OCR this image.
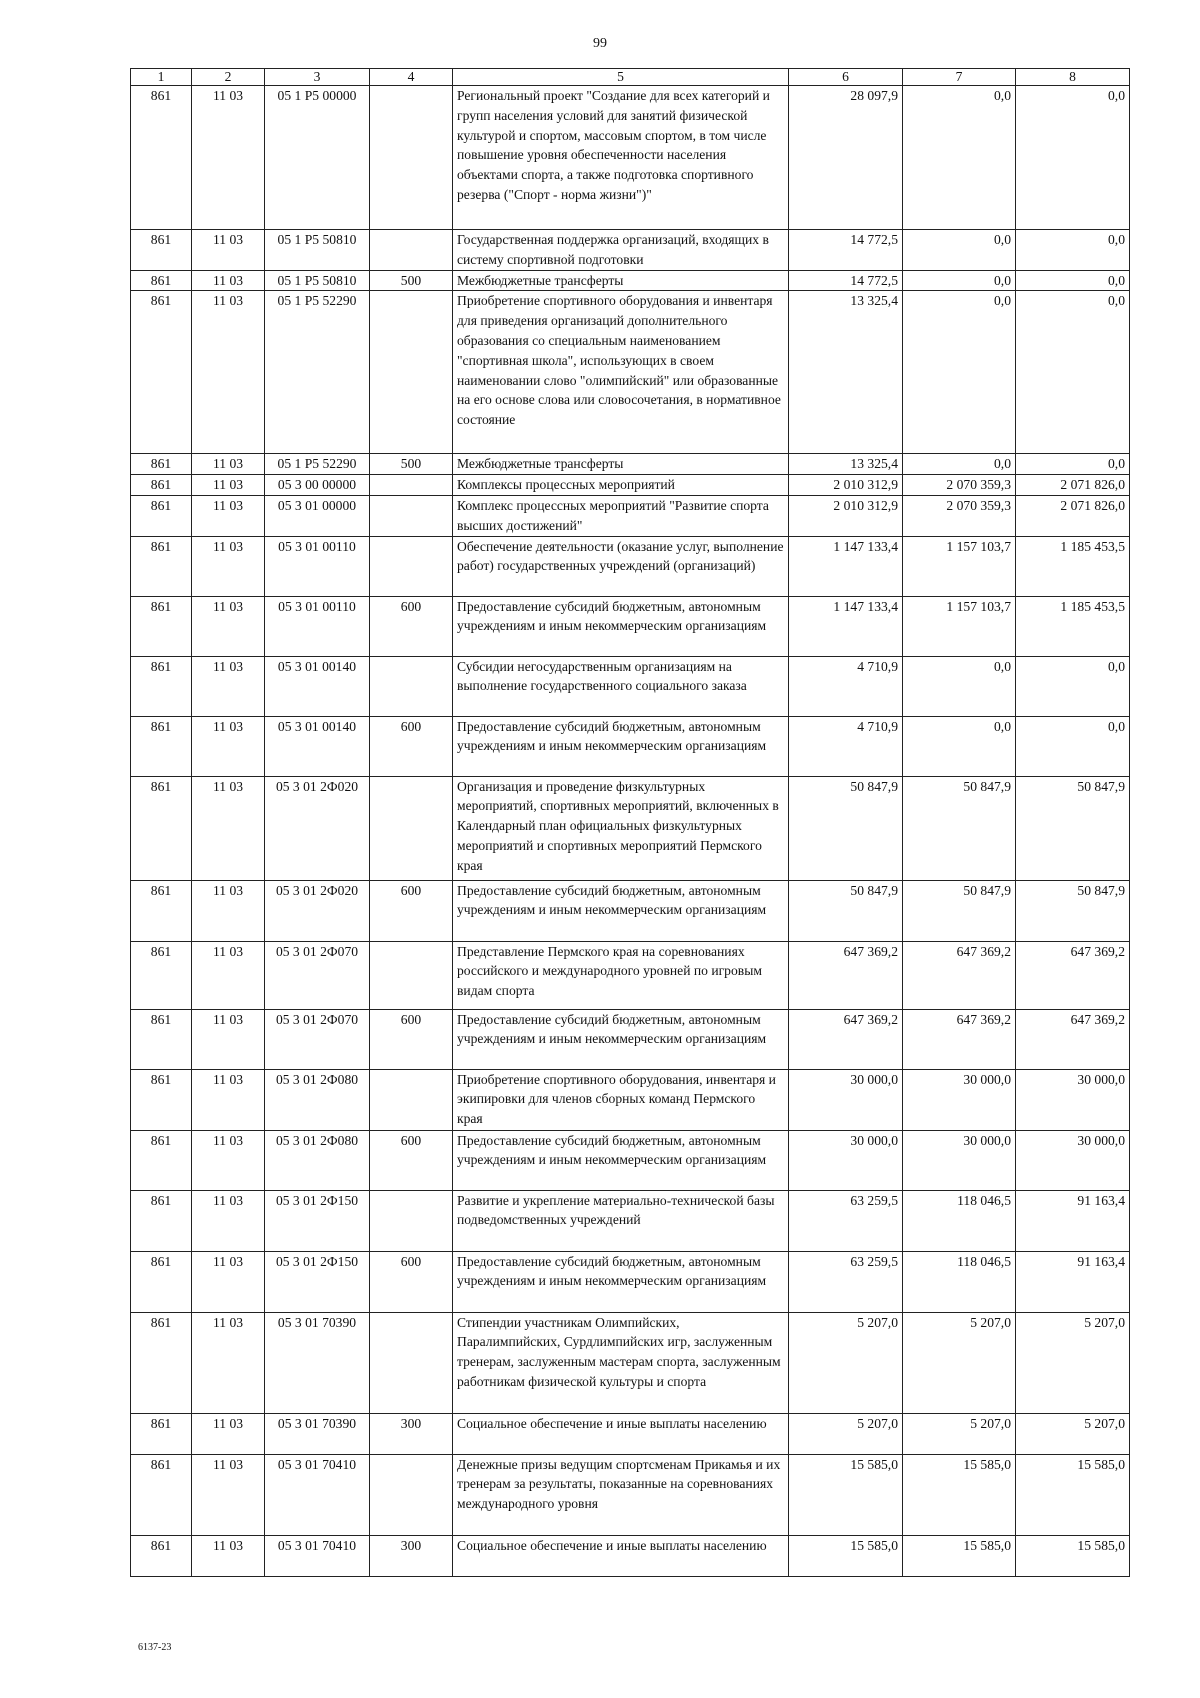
99
1	2	3	4	5	6	7	8
861	11 03	05 1 P5 00000		Региональный проект "Создание для всех категорий и групп населения условий для занятий физической культурой и спортом, массовым спортом, в том числе повышение уровня обеспеченности населения объектами спорта, а также подготовка спортивного резерва ("Спорт - норма жизни")"	28 097,9	0,0	0,0
861	11 03	05 1 P5 50810		Государственная поддержка организаций, входящих в систему спортивной подготовки	14 772,5	0,0	0,0
861	11 03	05 1 P5 50810	500	Межбюджетные трансферты	14 772,5	0,0	0,0
861	11 03	05 1 P5 52290		Приобретение спортивного оборудования и инвентаря для приведения организаций дополнительного образования со специальным наименованием "спортивная школа", использующих в своем наименовании слово "олимпийский" или образованные на его основе слова или словосочетания, в нормативное состояние	13 325,4	0,0	0,0
861	11 03	05 1 P5 52290	500	Межбюджетные трансферты	13 325,4	0,0	0,0
861	11 03	05 3 00 00000		Комплексы процессных мероприятий	2 010 312,9	2 070 359,3	2 071 826,0
861	11 03	05 3 01 00000		Комплекс процессных мероприятий "Развитие спорта высших достижений"	2 010 312,9	2 070 359,3	2 071 826,0
861	11 03	05 3 01 00110		Обеспечение деятельности (оказание услуг, выполнение работ) государственных учреждений (организаций)	1 147 133,4	1 157 103,7	1 185 453,5
861	11 03	05 3 01 00110	600	Предоставление субсидий бюджетным, автономным учреждениям и иным некоммерческим организациям	1 147 133,4	1 157 103,7	1 185 453,5
861	11 03	05 3 01 00140		Субсидии негосударственным организациям на выполнение государственного социального заказа	4 710,9	0,0	0,0
861	11 03	05 3 01 00140	600	Предоставление субсидий бюджетным, автономным учреждениям и иным некоммерческим организациям	4 710,9	0,0	0,0
861	11 03	05 3 01 2Ф020		Организация и проведение физкультурных мероприятий, спортивных мероприятий, включенных в Календарный план официальных физкультурных мероприятий и спортивных мероприятий Пермского края	50 847,9	50 847,9	50 847,9
861	11 03	05 3 01 2Ф020	600	Предоставление субсидий бюджетным, автономным учреждениям и иным некоммерческим организациям	50 847,9	50 847,9	50 847,9
861	11 03	05 3 01 2Ф070		Представление Пермского края на соревнованиях российского и международного уровней по игровым видам спорта	647 369,2	647 369,2	647 369,2
861	11 03	05 3 01 2Ф070	600	Предоставление субсидий бюджетным, автономным учреждениям и иным некоммерческим организациям	647 369,2	647 369,2	647 369,2
861	11 03	05 3 01 2Ф080		Приобретение спортивного оборудования, инвентаря и экипировки для членов сборных команд Пермского края	30 000,0	30 000,0	30 000,0
861	11 03	05 3 01 2Ф080	600	Предоставление субсидий бюджетным, автономным учреждениям и иным некоммерческим организациям	30 000,0	30 000,0	30 000,0
861	11 03	05 3 01 2Ф150		Развитие и укрепление материально-технической базы подведомственных учреждений	63 259,5	118 046,5	91 163,4
861	11 03	05 3 01 2Ф150	600	Предоставление субсидий бюджетным, автономным учреждениям и иным некоммерческим организациям	63 259,5	118 046,5	91 163,4
861	11 03	05 3 01 70390		Стипендии участникам Олимпийских, Паралимпийских, Сурдлимпийских игр, заслуженным тренерам, заслуженным мастерам спорта, заслуженным работникам физической культуры и спорта	5 207,0	5 207,0	5 207,0
861	11 03	05 3 01 70390	300	Социальное обеспечение и иные выплаты населению	5 207,0	5 207,0	5 207,0
861	11 03	05 3 01 70410		Денежные призы ведущим спортсменам Прикамья и их тренерам за результаты, показанные на соревнованиях международного уровня	15 585,0	15 585,0	15 585,0
861	11 03	05 3 01 70410	300	Социальное обеспечение и иные выплаты населению	15 585,0	15 585,0	15 585,0
6137-23
